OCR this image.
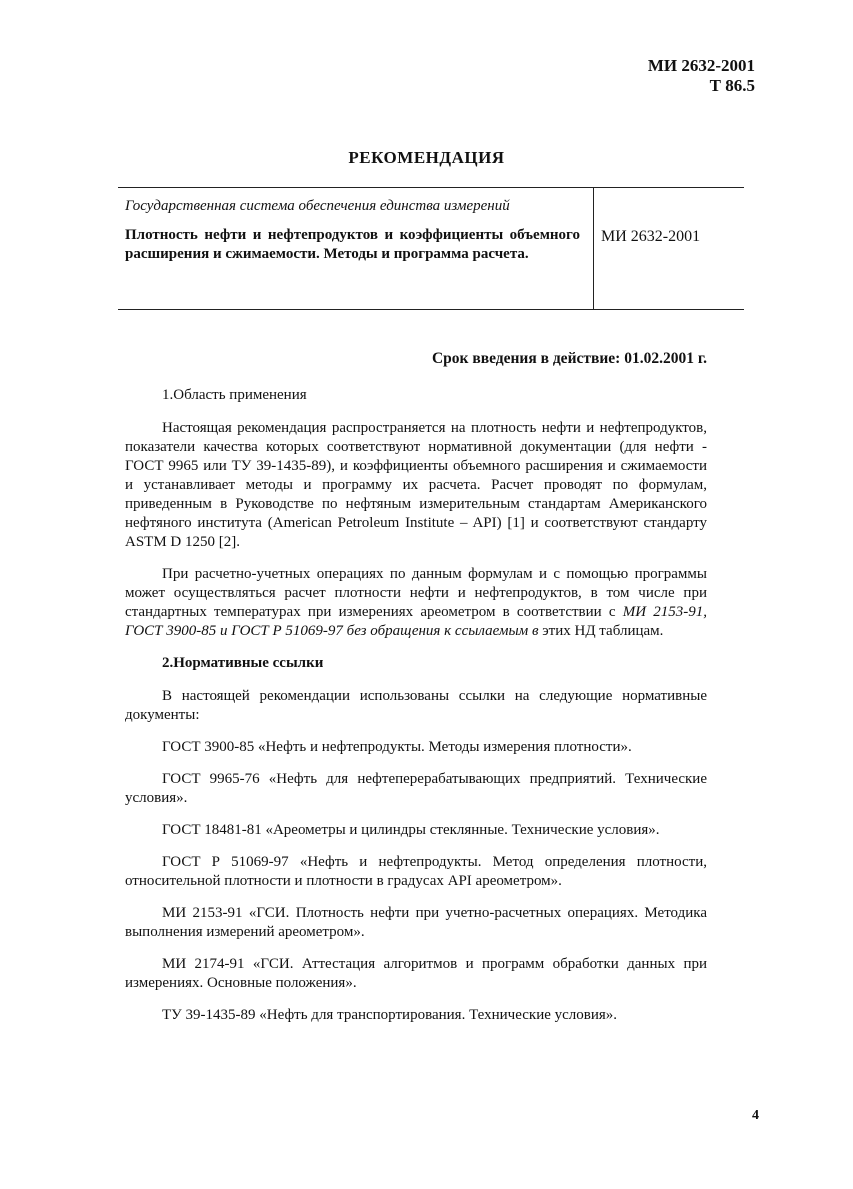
МИ 2632-2001
Т 86.5
РЕКОМЕНДАЦИЯ
Государственная система обеспечения единства измерений
Плотность нефти и нефтепродуктов и коэффициенты объемного расширения и сжимаемости. Методы и программа расчета.
МИ 2632-2001
Срок введения в действие: 01.02.2001 г.
1.Область применения
Настоящая рекомендация распространяется на плотность нефти и нефтепродуктов, показатели качества которых соответствуют нормативной документации (для нефти - ГОСТ 9965 или ТУ 39-1435-89), и коэффициенты объемного расширения и сжимаемости и устанавливает методы и программу их расчета. Расчет проводят по формулам, приведенным в Руководстве по нефтяным измерительным стандартам Американского нефтяного института (American Petroleum Institute – API) [1] и соответствуют стандарту ASTM D 1250 [2].
При расчетно-учетных операциях по данным формулам и с помощью программы может осуществляться расчет плотности нефти и нефтепродуктов, в том числе при стандартных температурах при измерениях ареометром в соответствии с МИ 2153-91, ГОСТ 3900-85 и ГОСТ Р 51069-97 без обращения к ссылаемым в этих НД таблицам.
2.Нормативные ссылки
В настоящей рекомендации использованы ссылки на следующие нормативные документы:
ГОСТ 3900-85 «Нефть и нефтепродукты. Методы измерения плотности».
ГОСТ 9965-76 «Нефть для нефтеперерабатывающих предприятий. Технические условия».
ГОСТ 18481-81 «Ареометры и цилиндры стеклянные. Технические условия».
ГОСТ Р 51069-97 «Нефть и нефтепродукты. Метод определения плотности, относительной плотности и плотности в градусах API ареометром».
МИ 2153-91 «ГСИ. Плотность нефти при учетно-расчетных операциях. Методика выполнения измерений ареометром».
МИ 2174-91 «ГСИ. Аттестация алгоритмов и программ обработки данных при измерениях. Основные положения».
ТУ 39-1435-89 «Нефть для транспортирования. Технические условия».
4
